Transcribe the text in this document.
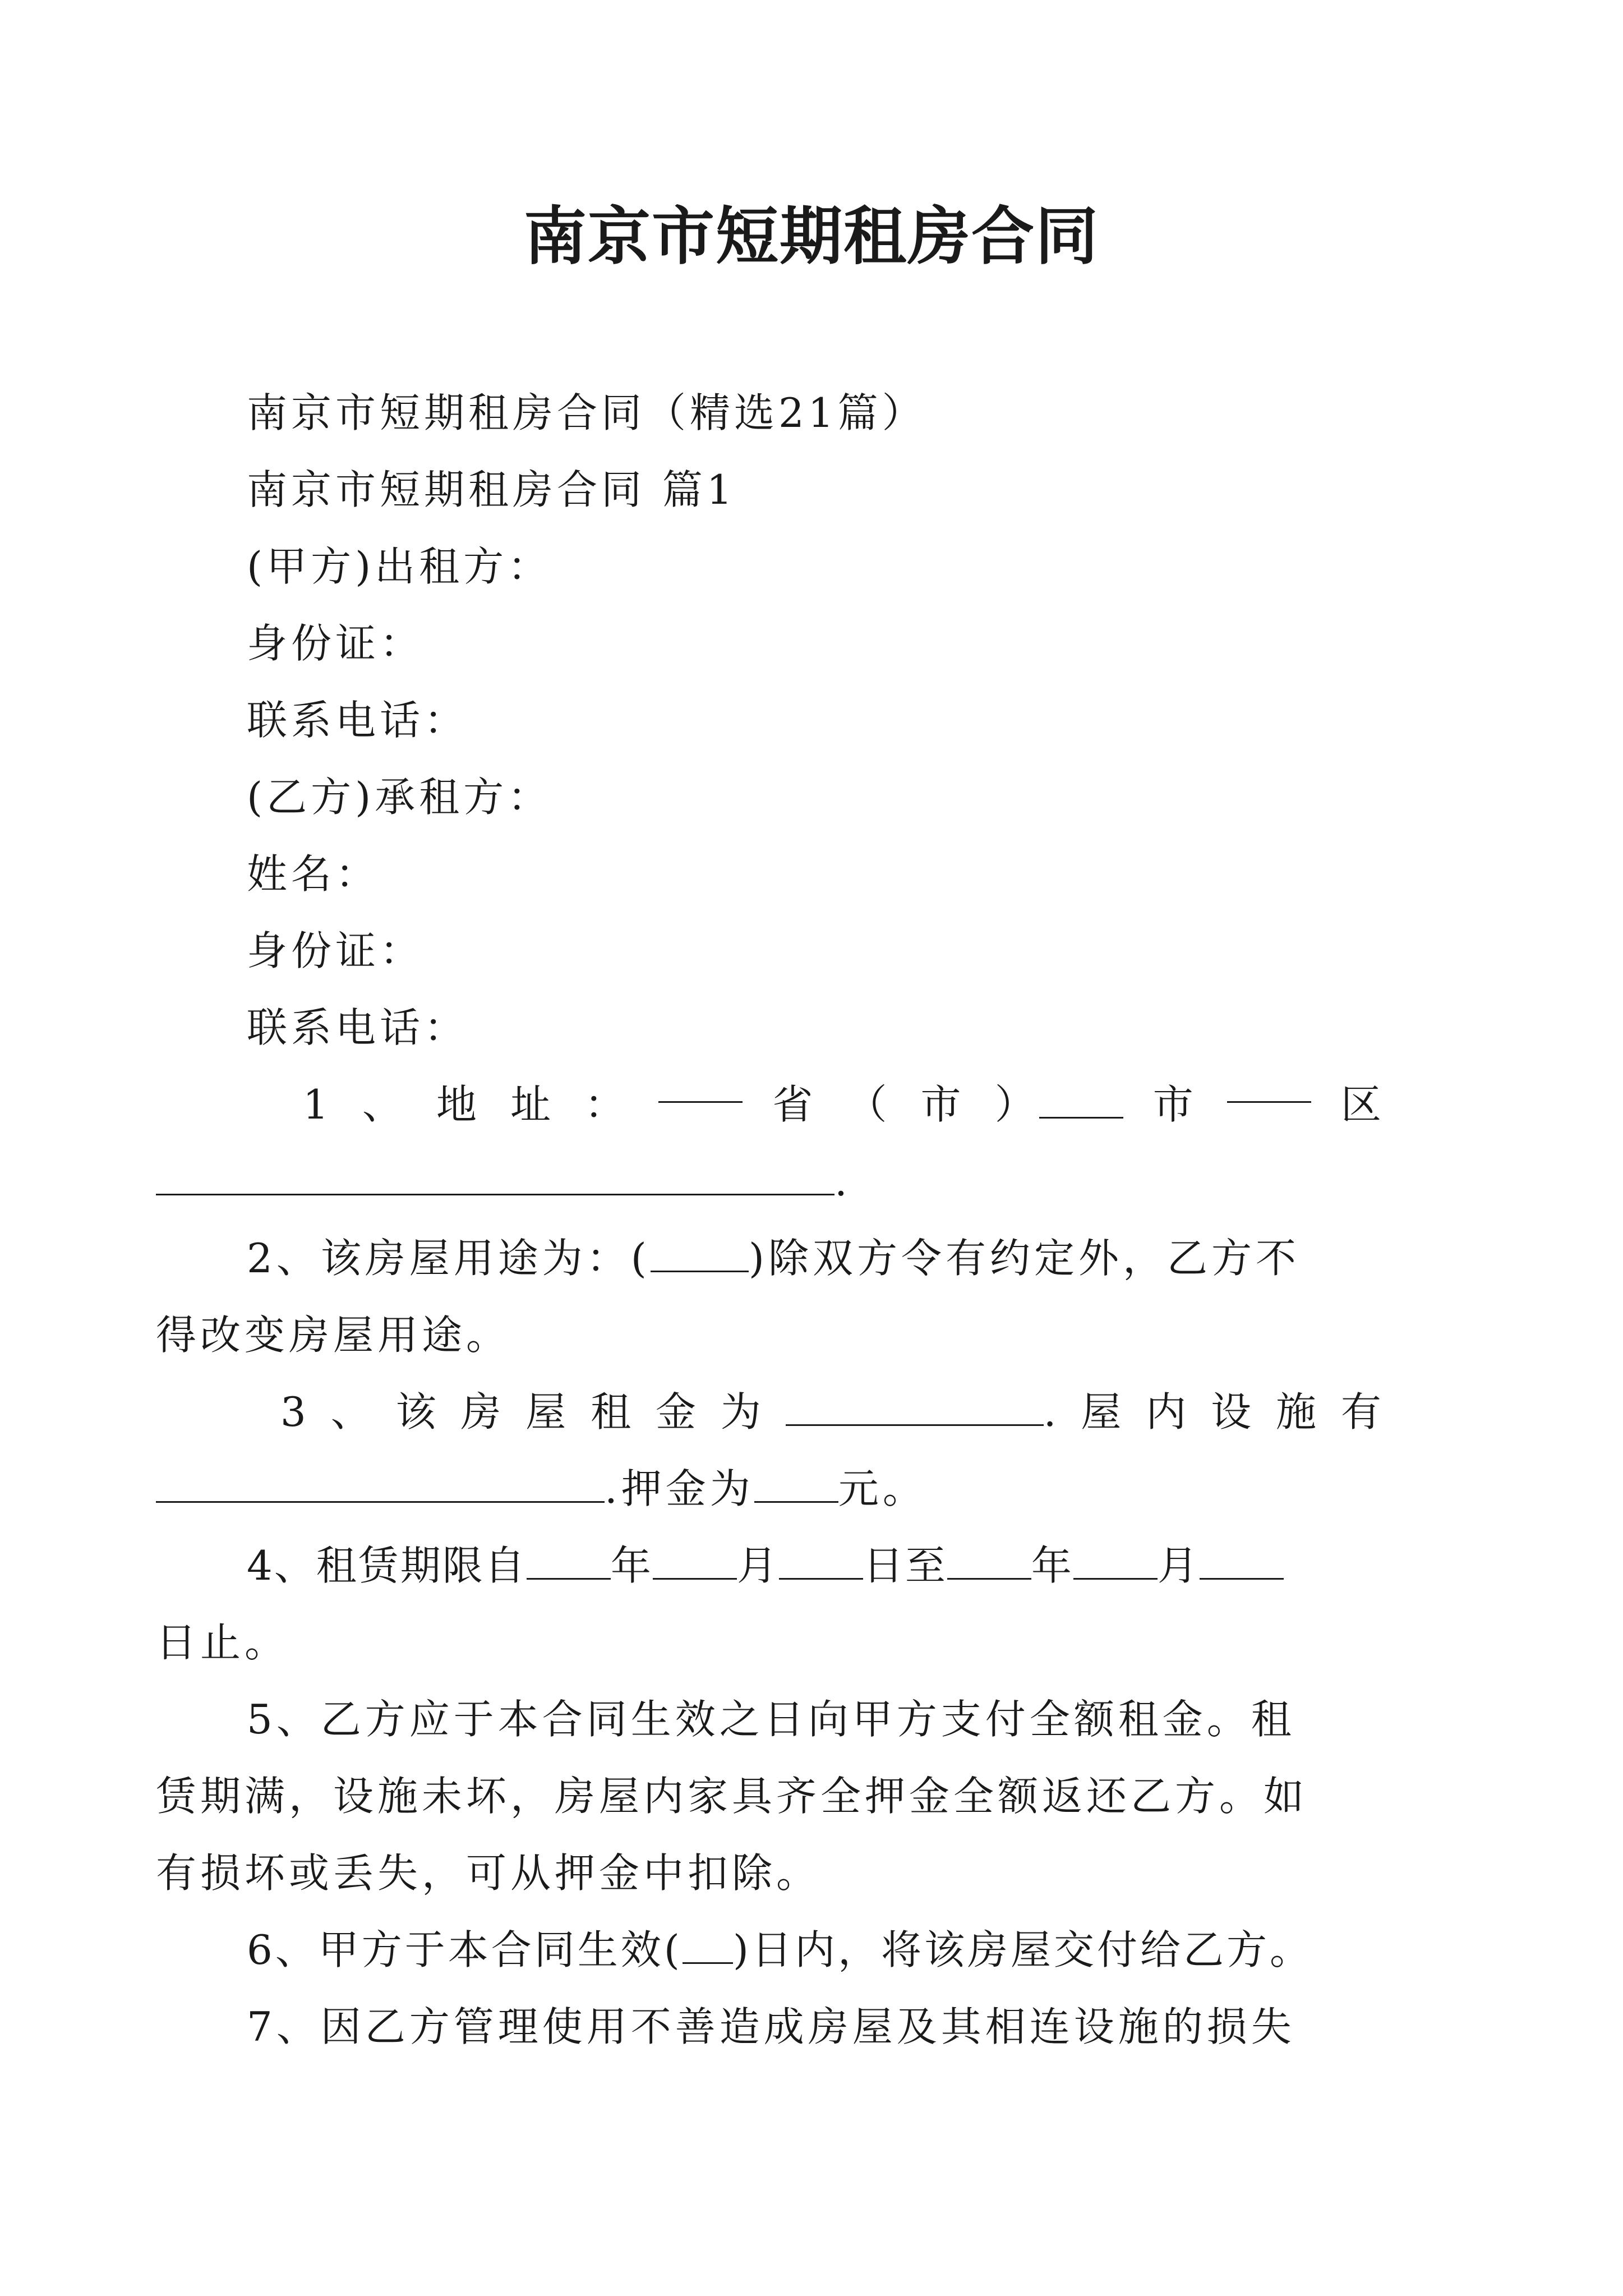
南京市短期租房合同
南京市短期租房合同（精选21篇）
南京市短期租房合同 篇1
(甲方)出租方：
身份证：
联系电话：
(乙方)承租方：
姓名：
身份证：
联系电话：
1 、 地 址 ：	省 （ 市 ）	市	区
.
2、该房屋用途为：( )除双方令有约定外，乙方不
得改变房屋用途。
3 、 该 房 屋 租 金 为	. 屋 内 设 施 有
.押金为 元。
4、租赁期限自 年 月 日至 年 月
日止。
5、乙方应于本合同生效之日向甲方支付全额租金。租
赁期满，设施未坏，房屋内家具齐全押金全额返还乙方。如
有损坏或丢失，可从押金中扣除。
6、甲方于本合同生效( )日内，将该房屋交付给乙方。
7、因乙方管理使用不善造成房屋及其相连设施的损失
